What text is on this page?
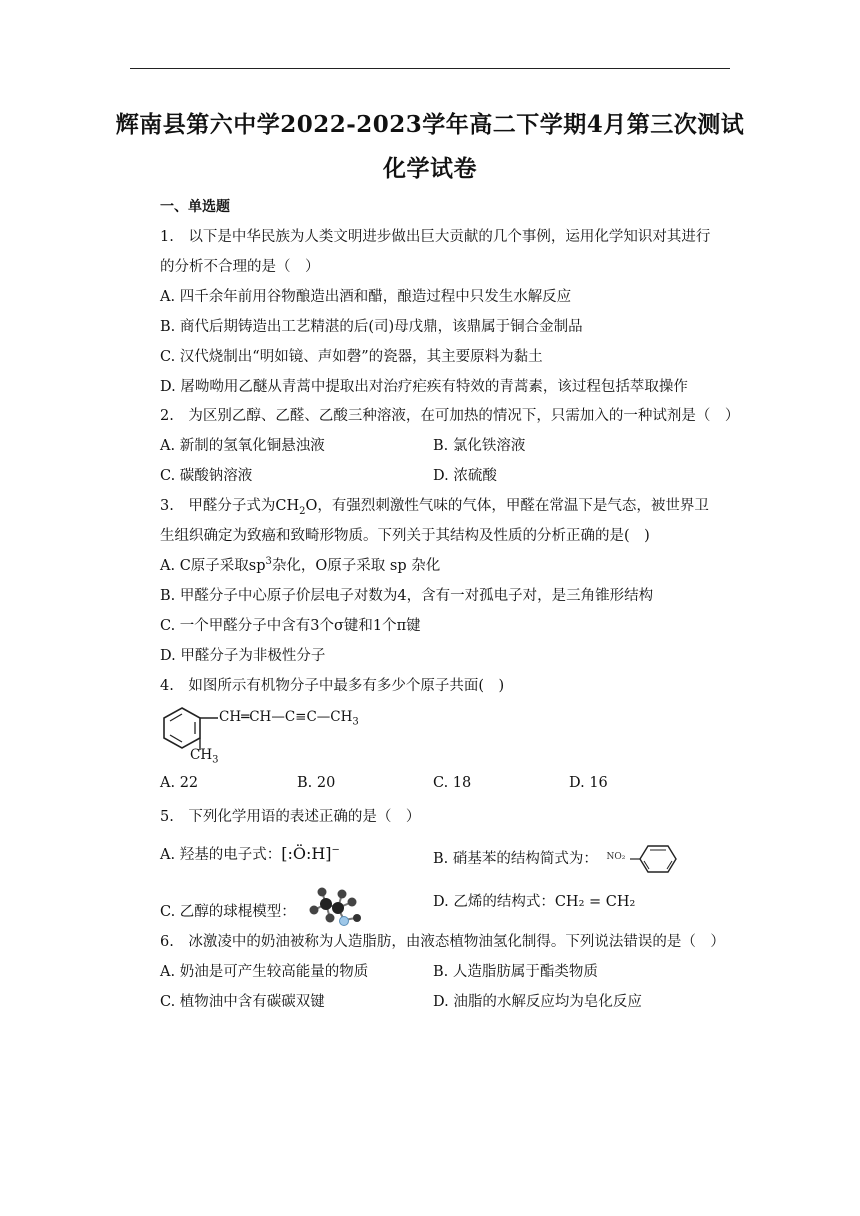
辉南县第六中学2022-2023学年高二下学期4月第三次测试
化学试卷
一、单选题
1.　以下是中华民族为人类文明进步做出巨大贡献的几个事例，运用化学知识对其进行
的分析不合理的是（　）
A. 四千余年前用谷物酿造出酒和醋，酿造过程中只发生水解反应
B. 商代后期铸造出工艺精湛的后(司)母戊鼎，该鼎属于铜合金制品
C. 汉代烧制出“明如镜、声如磬”的瓷器，其主要原料为黏土
D. 屠呦呦用乙醚从青蒿中提取出对治疗疟疾有特效的青蒿素，该过程包括萃取操作
2.　为区别乙醇、乙醛、乙酸三种溶液，在可加热的情况下，只需加入的一种试剂是（　）
A. 新制的氢氧化铜悬浊液	B. 氯化铁溶液
C. 碳酸钠溶液	D. 浓硫酸
3.　甲醛分子式为$CH_2O$，有强烈刺激性气味的气体，甲醛在常温下是气态，被世界卫
生组织确定为致癌和致畸形物质。下列关于其结构及性质的分析正确的是(　)
A. C原子采取$sp^3$杂化，O原子采取 sp 杂化
B. 甲醛分子中心原子价层电子对数为4，含有一对孤电子对，是三角锥形结构
C. 一个甲醛分子中含有3个σ键和1个π键
D. 甲醛分子为非极性分子
4.　如图所示有机物分子中最多有多少个原子共面(　)
$CH═CH—C\equiv C—CH_3$
$CH_3$
A. 22	B. 20	C. 18	D. 16
5.　下列化学用语的表述正确的是（　）
A. 羟基的电子式：[:Ö:H]−
B. 硝基苯的结构简式为： NO₂
C. 乙醇的球棍模型：
D. 乙烯的结构式：CH₂ = CH₂
6.　冰激凌中的奶油被称为人造脂肪，由液态植物油氢化制得。下列说法错误的是（　）
A. 奶油是可产生较高能量的物质	B. 人造脂肪属于酯类物质
C. 植物油中含有碳碳双键	D. 油脂的水解反应均为皂化反应
